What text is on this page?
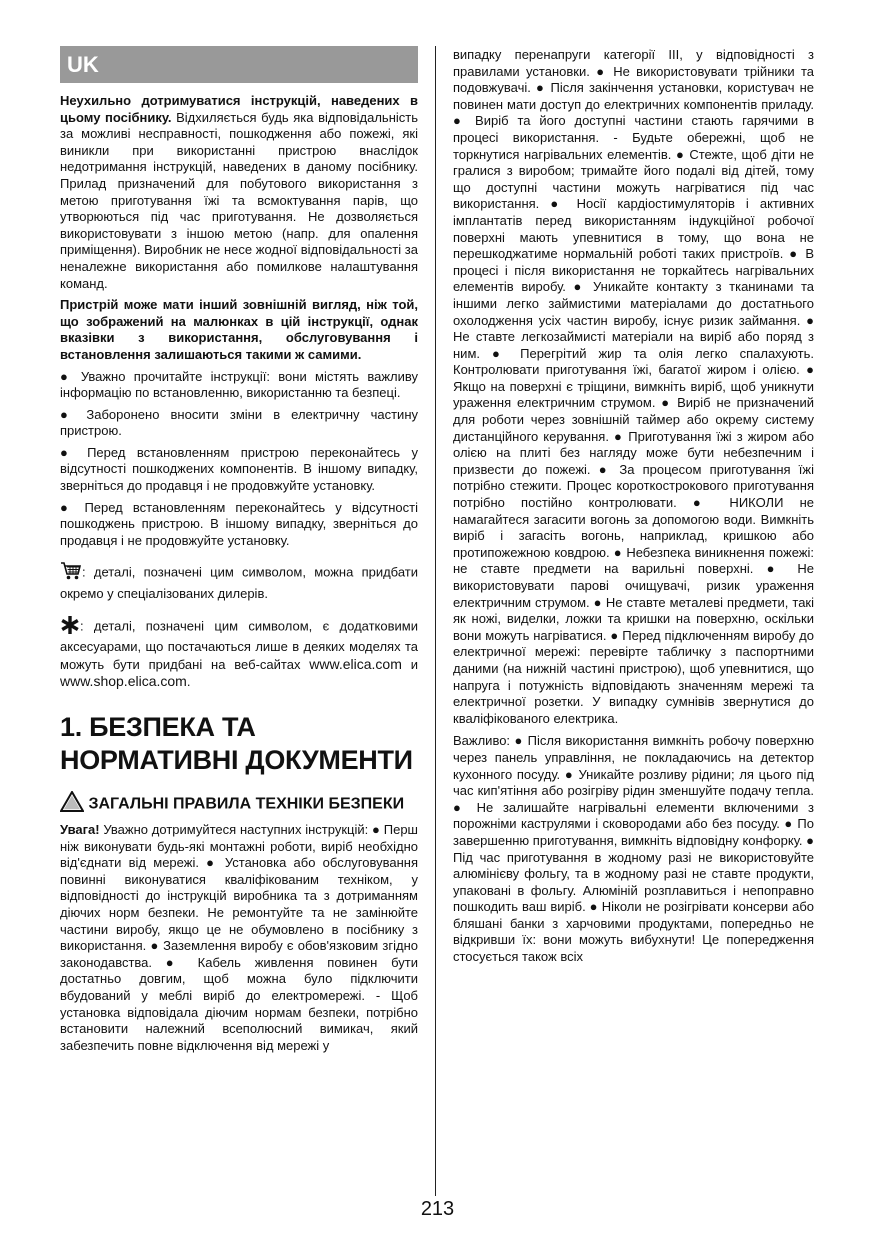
UK

Неухильно дотримуватися інструкцій, наведених в цьому посібнику. Відхиляється будь яка відповідальність за можливі несправності, пошкодження або пожежі, які виникли при використанні пристрою внаслідок недотримання інструкцій, наведених в даному посібнику. Прилад призначений для побутового використання з метою приготування їжі та всмоктування парів, що утворюються під час приготування. Не дозволяється використовувати з іншою метою (напр. для опалення приміщення). Виробник не несе жодної відповідальності за неналежне використання або помилкове налаштування команд.

Пристрій може мати інший зовнішній вигляд, ніж той, що зображений на малюнках в цій інструкції, однак вказівки з використання, обслуговування і встановлення залишаються такими ж самими.

● Уважно прочитайте інструкції: вони містять важливу інформацію по встановленню, використанню та безпеці.

● Заборонено вносити зміни в електричну частину пристрою.

● Перед встановленням пристрою переконайтесь у відсутності пошкоджених компонентів. В іншому випадку, зверніться до продавця і не продовжуйте установку.

● Перед встановленням переконайтесь у відсутності пошкоджень пристрою. В іншому випадку, зверніться до продавця і не продовжуйте установку.

: деталі, позначені цим символом, можна придбати окремо у спеціалізованих дилерів.

: деталі, позначені цим символом, є додатковими аксесуарами, що постачаються лише в деяких моделях та можуть бути придбані на веб-сайтах www.elica.com и www.shop.elica.com.

1. БЕЗПЕКА ТА НОРМАТИВНІ ДОКУМЕНТИ
ЗАГАЛЬНІ ПРАВИЛА ТЕХНІКИ БЕЗПЕКИ

Увага! Уважно дотримуйтеся наступних інструкцій: ● Перш ніж виконувати будь-які монтажні роботи, виріб необхідно від'єднати від мережі. ● Установка або обслуговування повинні виконуватися кваліфікованим техніком, у відповідності до інструкцій виробника та з дотриманням діючих норм безпеки. Не ремонтуйте та не замінюйте частини виробу, якщо це не обумовлено в посібнику з використання. ● Заземлення виробу є обов'язковим згідно законодавства. ● Кабель живлення повинен бути достатньо довгим, щоб можна було підключити вбудований у меблі виріб до електромережі. - Щоб установка відповідала діючим нормам безпеки, потрібно встановити належний всеполюсний вимикач, який забезпечить повне відключення від мережі у

випадку перенапруги категорії III, у відповідності з правилами установки. ● Не використовувати трійники та подовжувачі. ● Після закінчення установки, користувач не повинен мати доступ до електричних компонентів приладу. ● Виріб та його доступні частини стають гарячими в процесі використання. - Будьте обережні, щоб не торкнутися нагрівальних елементів. ● Стежте, щоб діти не гралися з виробом; тримайте його подалі від дітей, тому що доступні частини можуть нагріватися під час використання. ● Носії кардіостимуляторів і активних імплантатів перед використанням індукційної робочої поверхні мають упевнитися в тому, що вона не перешкоджатиме нормальній роботі таких пристроїв. ● В процесі і після використання не торкайтесь нагрівальних елементів виробу. ● Уникайте контакту з тканинами та іншими легко займистими матеріалами до достатнього охолодження усіх частин виробу, існує ризик займання. ● Не ставте легкозаймисті матеріали на виріб або поряд з ним. ● Перегрітий жир та олія легко спалахують. Контролювати приготування їжі, багатої жиром і олією. ● Якщо на поверхні є тріщини, вимкніть виріб, щоб уникнути ураження електричним струмом. ● Виріб не призначений для роботи через зовнішній таймер або окрему систему дистанційного керування. ● Приготування їжі з жиром або олією на плиті без нагляду може бути небезпечним і призвести до пожежі. ● За процесом приготування їжі потрібно стежити. Процес короткострокового приготування потрібно постійно контролювати. ● НИКОЛИ не намагайтеся загасити вогонь за допомогою води. Вимкніть виріб і загасіть вогонь, наприклад, кришкою або протипожежною ковдрою. ● Небезпека виникнення пожежі: не ставте предмети на варильні поверхні. ● Не використовувати парові очищувачі, ризик ураження електричним струмом. ● Не ставте металеві предмети, такі як ножі, виделки, ложки та кришки на поверхню, оскільки вони можуть нагріватися. ● Перед підключенням виробу до електричної мережі: перевірте табличку з паспортними даними (на нижній частині пристрою), щоб упевнитися, що напруга і потужність відповідають значенням мережі та електричної розетки. У випадку сумнівів звернутися до кваліфікованого електрика.

Важливо: ● Після використання вимкніть робочу поверхню через панель управління, не покладаючись на детектор кухонного посуду. ● Уникайте розливу рідини; ля цього під час кип'ятіння або розігріву рідин зменшуйте подачу тепла. ● Не залишайте нагрівальні елементи включеними з порожніми каструлями і сковородами або без посуду. ● По завершенню приготування, вимкніть відповідну конфорку. ● Під час приготування в жодному разі не використовуйте алюмінієву фольгу, та в жодному разі не ставте продукти, упаковані в фольгу. Алюміній розплавиться і непоправно пошкодить ваш виріб. ● Ніколи не розігрівати консерви або бляшані банки з харчовими продуктами, попередньо не відкривши їх: вони можуть вибухнути! Це попередження стосується також всіх

213
